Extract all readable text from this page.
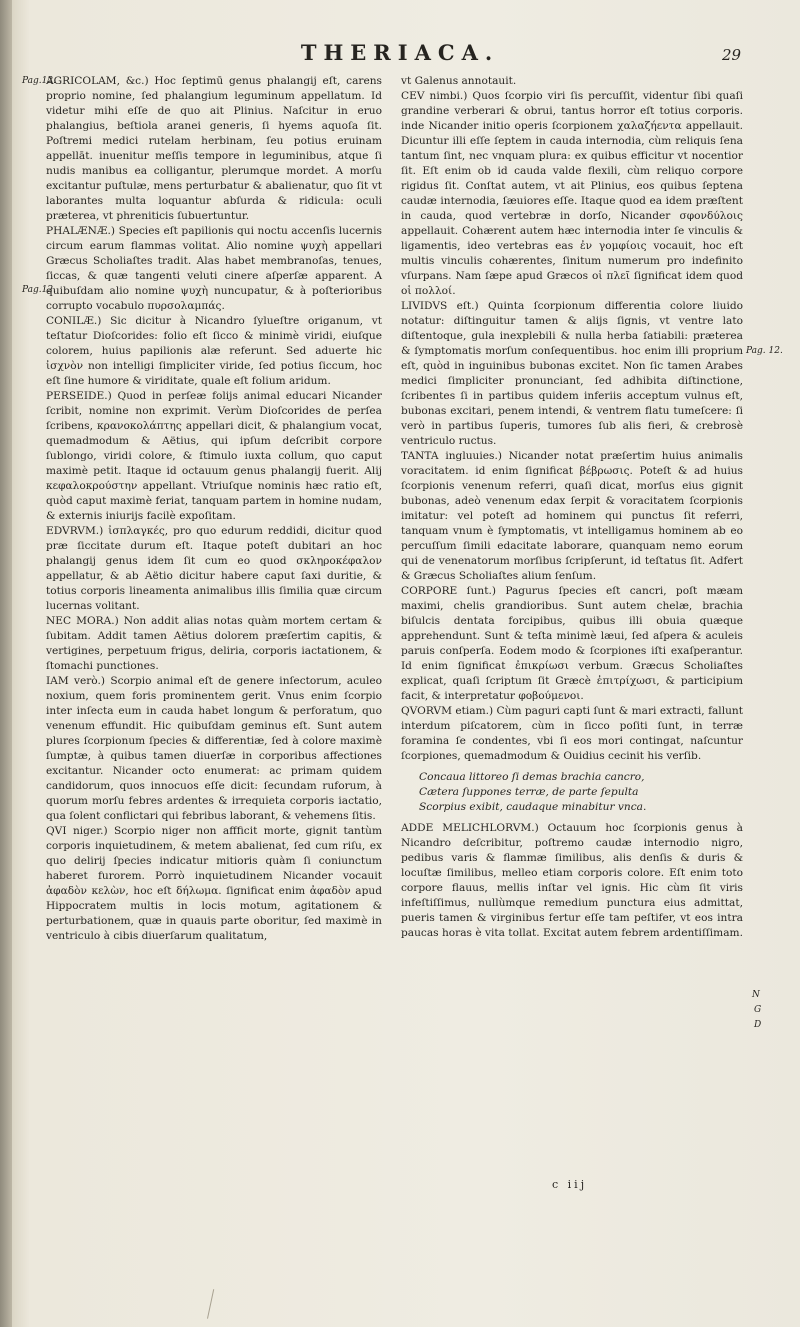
THERIACA.	29
Pag.12.
Pag.12.
Pag. 12.
N
G
D

AGRICOLAM, &c.) Hoc ſeptimū genus phalangij eſt, carens proprio nomine, ſed phalangium leguminum appellatum. Id videtur mihi eſſe de quo ait Plinius. Naſcitur in eruo phalangius, beſtiola aranei generis, ſi hyems aquoſa ſit. Poſtremi medici rutelam herbinam, ſeu potius eruinam appellāt. inuenitur meſſis tempore in leguminibus, atque ſi nudis manibus ea colligantur, plerumque mordet. A morſu excitantur puſtulæ, mens perturbatur & abalienatur, quo ſit vt laborantes multa loquantur abſurda & ridicula: oculi præterea, vt phreniticis ſubuertuntur.

PHALÆNÆ.) Species eſt papilionis qui noctu accenſis lucernis circum earum flammas volitat. Alio nomine ψυχὴ appellari Græcus Scholiaſtes tradit. Alas habet membranoſas, tenues, ſiccas, & quæ tangenti veluti cinere aſperſæ apparent. A quibuſdam alio nomine ψυχὴ nuncupatur, & à poſterioribus corrupto vocabulo πυρσολαμπάς.

CONILÆ.) Sic dicitur à Nicandro ſylueſtre origanum, vt teſtatur Dioſcorides: folio eſt ſicco & minimè viridi, eiuſque colorem, huius papilionis alæ referunt. Sed aduerte hic ἰσχνὸν non intelligi ſimpliciter viride, ſed potius ſiccum, hoc eſt ſine humore & viriditate, quale eſt folium aridum.

PERSEIDE.) Quod in perſeæ folijs animal educari Nicander ſcribit, nomine non exprimit. Verùm Dioſcorides de perſea ſcribens, κρανοκολάπτης appellari dicit, & phalangium vocat, quemadmodum & Aëtius, qui ipſum deſcribit corpore ſublongo, viridi colore, & ſtimulo iuxta collum, quo caput maximè petit. Itaque id octauum genus phalangij fuerit. Alij κεφαλοκρούστην appellant. Vtriuſque nominis hæc ratio eſt, quòd caput maximè feriat, tanquam partem in homine nudam, & externis iniurijs facilè expoſitam.

EDVRVM.) ἰσπλαγκές, pro quo edurum reddidi, dicitur quod præ ſiccitate durum eſt. Itaque poteſt dubitari an hoc phalangij genus idem ſit cum eo quod σκληροκέφαλον appellatur, & ab Aëtio dicitur habere caput ſaxi duritie, & totius corporis lineamenta animalibus illis ſimilia quæ circum lucernas volitant.

NEC MORA.) Non addit alias notas quàm mortem certam & ſubitam. Addit tamen Aëtius dolorem præſertim capitis, & vertigines, perpetuum frigus, deliria, corporis iactationem, & ſtomachi punctiones.

IAM verò.) Scorpio animal eſt de genere inſectorum, aculeo noxium, quem foris prominentem gerit. Vnus enim ſcorpio inter inſecta eum in cauda habet longum & perforatum, quo venenum effundit. Hic quibuſdam geminus eſt. Sunt autem plures ſcorpionum ſpecies & differentiæ, ſed à colore maximè ſumptæ, à quibus tamen diuerſæ in corporibus affectiones excitantur. Nicander octo enumerat: ac primam quidem candidorum, quos innocuos eſſe dicit: ſecundam ruforum, à quorum morſu febres ardentes & irrequieta corporis iactatio, qua ſolent conflictari qui febribus laborant, & vehemens ſitis.

QVI niger.) Scorpio niger non affficit morte, gignit tantùm corporis inquietudinem, & metem abalienat, ſed cum riſu, ex quo delirij ſpecies indicatur mitioris quàm ſi coniunctum haberet furorem. Porrò inquietudinem Nicander vocauit ἀφαδὸν κελὼν, hoc eſt δήλωμα. ſignificat enim ἀφαδὸν apud Hippocratem multis in locis motum, agitationem & perturbationem, quæ in quauis parte oboritur, ſed maximè in ventriculo à cibis diuerſarum qualitatum,

vt Galenus annotauit.

CEV nimbi.) Quos ſcorpio viri ſis percuſſit, videntur ſibi quaſi grandine verberari & obrui, tantus horror eſt totius corporis. inde Nicander initio operis ſcorpionem χαλαζήεντα appellauit. Dicuntur illi eſſe ſeptem in cauda internodia, cùm reliquis ſena tantum ſint, nec vnquam plura: ex quibus efficitur vt nocentior ſit. Eſt enim ob id cauda valde flexili, cùm reliquo corpore rigidus ſit. Conſtat autem, vt ait Plinius, eos quibus ſeptena caudæ internodia, ſæuiores eſſe. Itaque quod ea idem præſtent in cauda, quod vertebræ in dorſo, Nicander σφονδύλοις appellauit. Cohærent autem hæc internodia inter ſe vinculis & ligamentis, ideo vertebras eas ἐν γομφίοις vocauit, hoc eſt multis vinculis cohærentes, ſinitum numerum pro indefinito vſurpans. Nam ſæpe apud Græcos οἱ πλεῖ ſignificat idem quod οἱ πολλοί.

LIVIDVS eſt.) Quinta ſcorpionum differentia colore liuido notatur: diſtinguitur tamen & alijs ſignis, vt ventre lato diſtentoque, gula inexplebili & nulla herba ſatiabili: præterea & ſymptomatis morſum conſequentibus. hoc enim illi proprium eſt, quòd in inguinibus bubonas excitet. Non ſic tamen Arabes medici ſimpliciter pronunciant, ſed adhibita diſtinctione, ſcribentes ſi in partibus quidem inferiis acceptum vulnus eſt, bubonas excitari, penem intendi, & ventrem flatu tumeſcere: ſi verò in partibus ſuperis, tumores ſub alis fieri, & crebrosè ventriculo ructus.

TANTA ingluuies.) Nicander notat præſertim huius animalis voracitatem. id enim ſignificat βέβρωσις. Poteſt & ad huius ſcorpionis venenum referri, quaſi dicat, morſus eius gignit bubonas, adeò venenum edax ſerpit & voracitatem ſcorpionis imitatur: vel poteſt ad hominem qui punctus ſit referri, tanquam vnum è ſymptomatis, vt intelligamus hominem ab eo percuſſum ſimili edacitate laborare, quanquam nemo eorum qui de venenatorum morſibus ſcripſerunt, id teſtatus ſit. Adfert & Græcus Scholiaſtes alium ſenſum.

CORPORE ſunt.) Pagurus ſpecies eſt cancri, poſt mæam maximi, chelis grandioribus. Sunt autem chelæ, brachia biſulcis dentata forcipibus, quibus illi obuia quæque apprehendunt. Sunt & teſta minimè læui, ſed aſpera & aculeis paruis conſperſa. Eodem modo & ſcorpiones iſti exaſperantur. Id enim ſignificat ἐπικρίωσι verbum. Græcus Scholiaſtes explicat, quaſi ſcriptum ſit Græcè ἐπιτρίχωσι, & participium facit, & interpretatur φοβούμενοι.

QVORVM etiam.) Cùm paguri capti ſunt & mari extracti, fallunt interdum piſcatorem, cùm in ſicco poſiti ſunt, in terræ foramina ſe condentes, vbi ſi eos mori contingat, naſcuntur ſcorpiones, quemadmodum & Ouidius cecinit his verſib.

Concaua littoreo ſi demas brachia cancro,
Cætera ſuppones terræ, de parte ſepulta
Scorpius exibit, caudaque minabitur vnca.

ADDE MELICHLORVM.) Octauum hoc ſcorpionis genus à Nicandro deſcribitur, poſtremo caudæ internodio nigro, pedibus varis & flammæ ſimilibus, alis denſis & duris & locuſtæ ſimilibus, melleo etiam corporis colore. Eſt enim toto corpore flauus, mellis inſtar vel ignis. Hic cùm ſit viris infeſtiſſimus, nullùmque remedium punctura eius admittat, pueris tamen & virginibus fertur eſſe tam peſtifer, vt eos intra paucas horas è vita tollat. Excitat autem febrem ardentiſſimam.

c iij
